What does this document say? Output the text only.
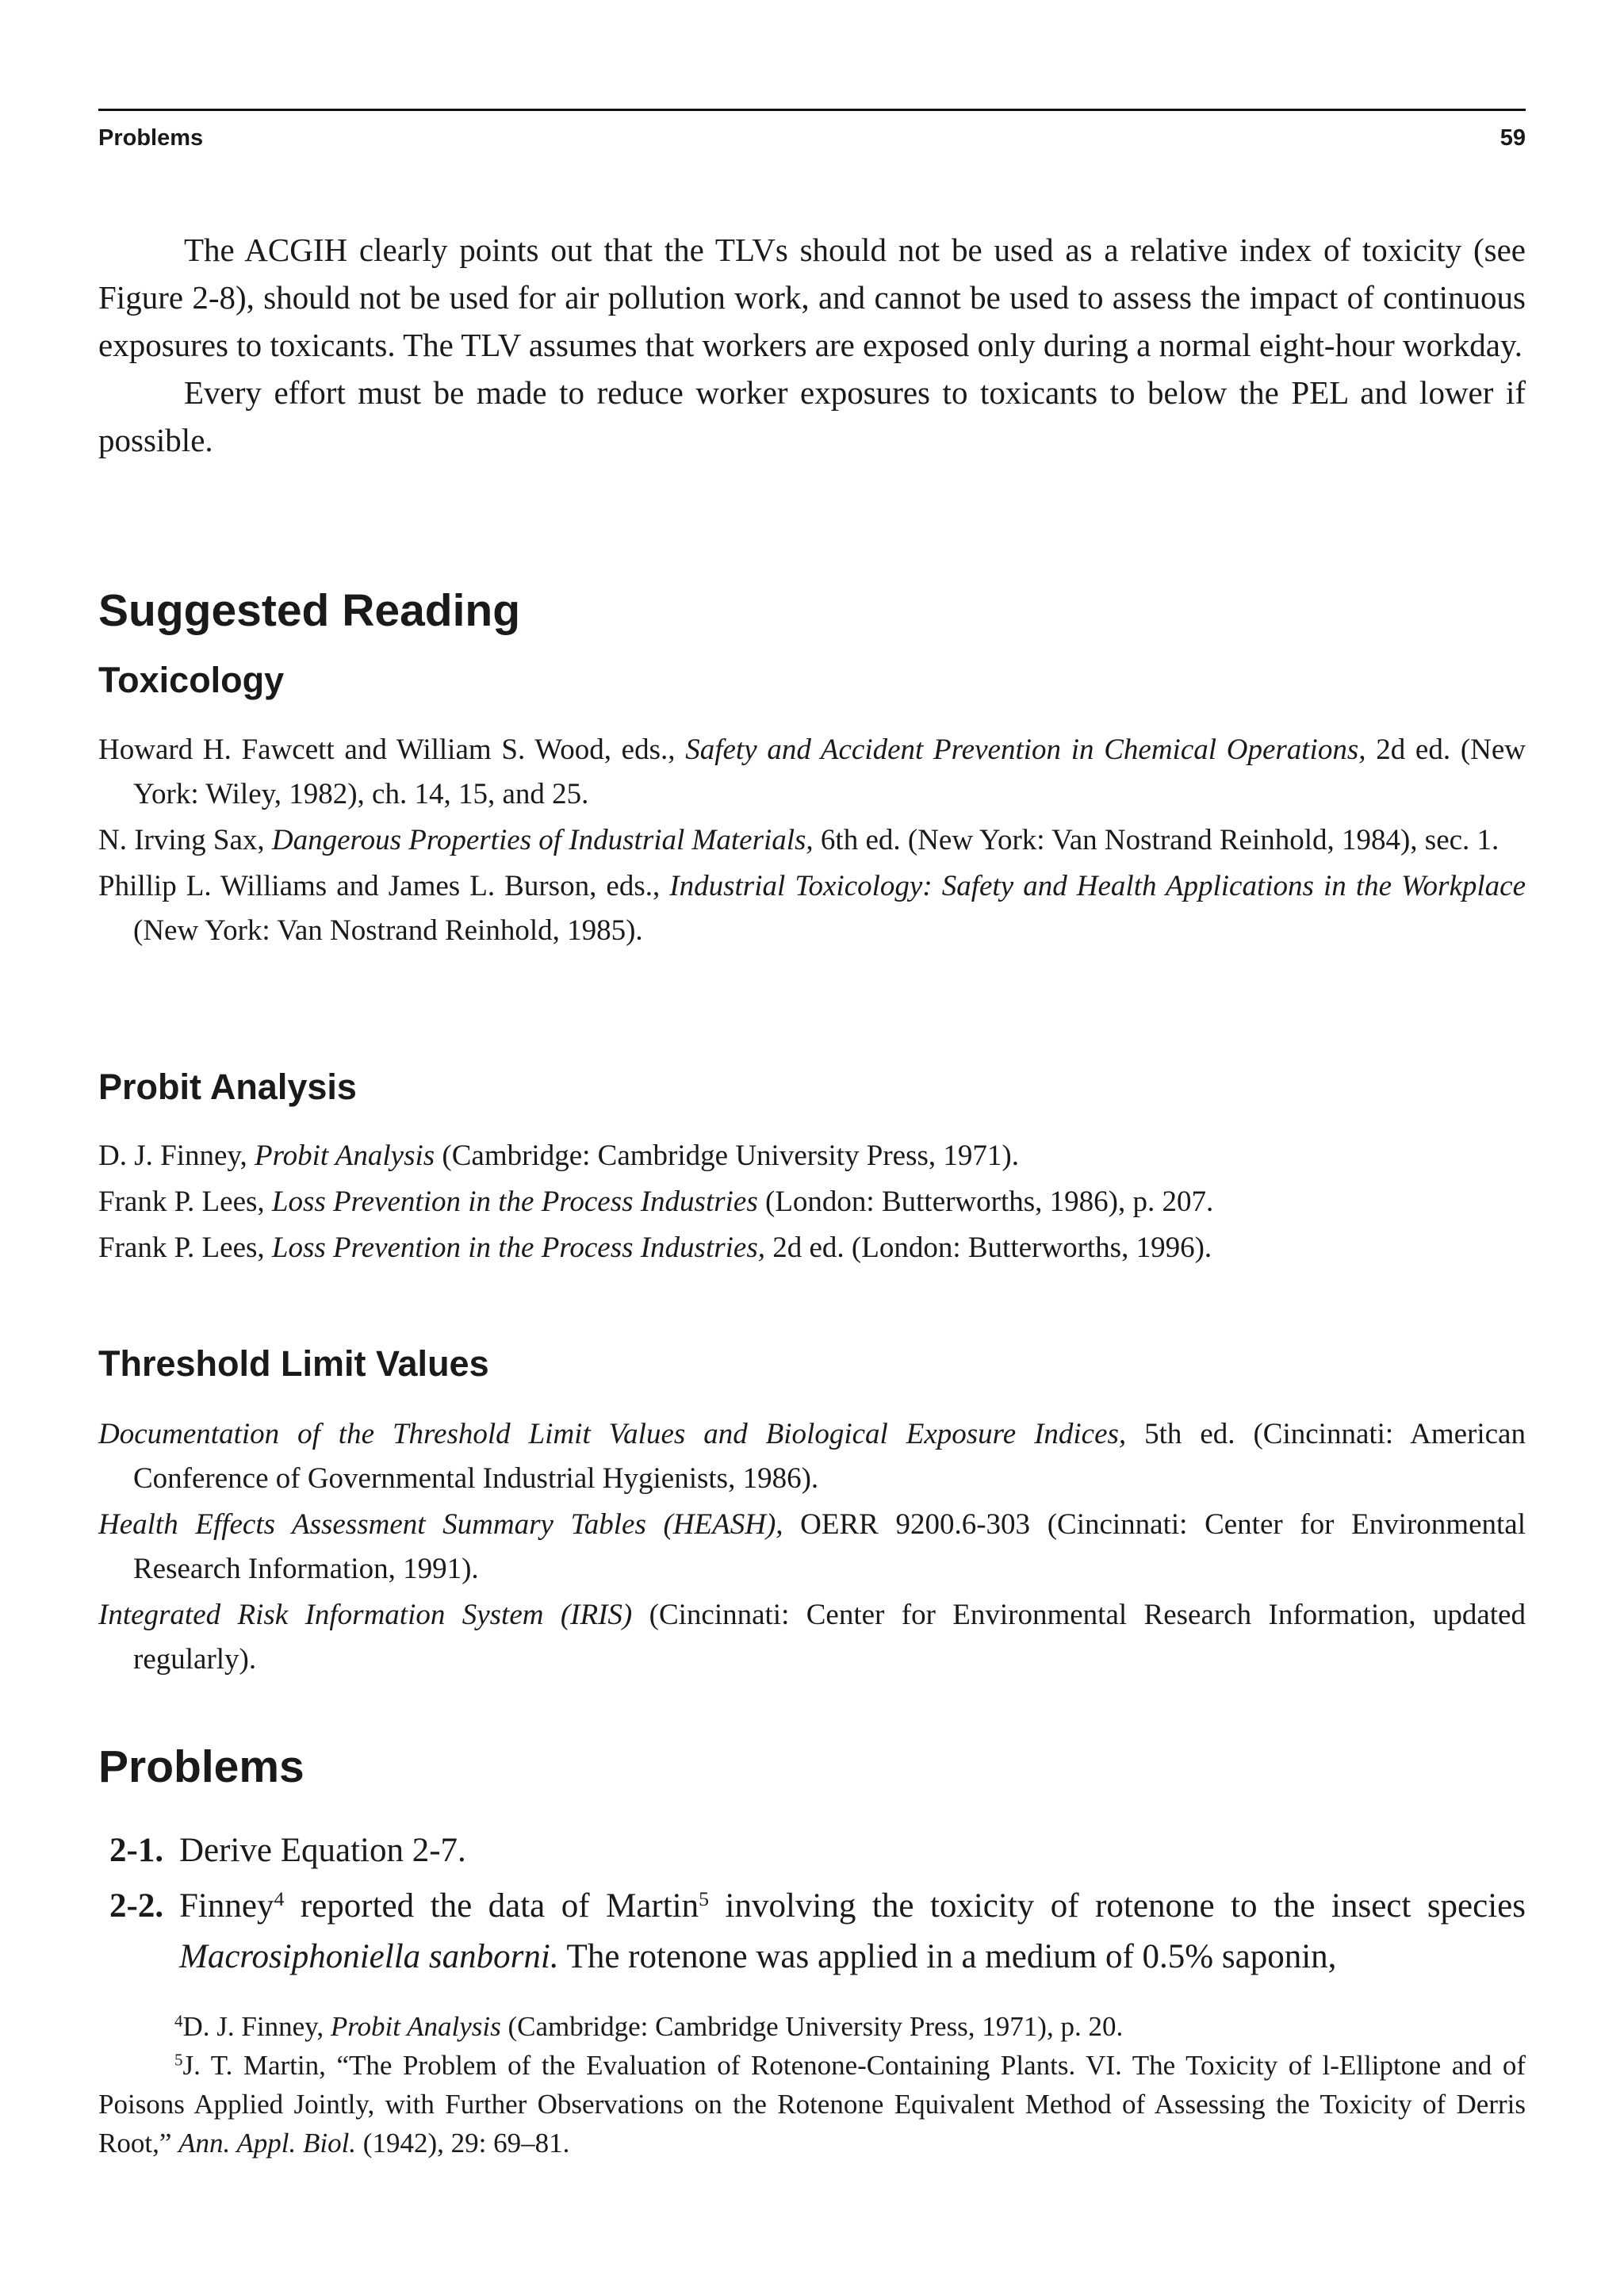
Problems	59

The ACGIH clearly points out that the TLVs should not be used as a relative index of toxicity (see Figure 2-8), should not be used for air pollution work, and cannot be used to assess the impact of continuous exposures to toxicants. The TLV assumes that workers are exposed only during a normal eight-hour workday.

Every effort must be made to reduce worker exposures to toxicants to below the PEL and lower if possible.

Suggested Reading
Toxicology

Howard H. Fawcett and William S. Wood, eds., Safety and Accident Prevention in Chemical Operations, 2d ed. (New York: Wiley, 1982), ch. 14, 15, and 25.

N. Irving Sax, Dangerous Properties of Industrial Materials, 6th ed. (New York: Van Nostrand Reinhold, 1984), sec. 1.

Phillip L. Williams and James L. Burson, eds., Industrial Toxicology: Safety and Health Applications in the Workplace (New York: Van Nostrand Reinhold, 1985).

Probit Analysis

D. J. Finney, Probit Analysis (Cambridge: Cambridge University Press, 1971).

Frank P. Lees, Loss Prevention in the Process Industries (London: Butterworths, 1986), p. 207.

Frank P. Lees, Loss Prevention in the Process Industries, 2d ed. (London: Butterworths, 1996).

Threshold Limit Values

Documentation of the Threshold Limit Values and Biological Exposure Indices, 5th ed. (Cincinnati: American Conference of Governmental Industrial Hygienists, 1986).

Health Effects Assessment Summary Tables (HEASH), OERR 9200.6-303 (Cincinnati: Center for Environmental Research Information, 1991).

Integrated Risk Information System (IRIS) (Cincinnati: Center for Environmental Research Information, updated regularly).

Problems
2-1. Derive Equation 2-7.
2-2. Finney$^4$ reported the data of Martin$^5$ involving the toxicity of rotenone to the insect species Macrosiphoniella sanborni. The rotenone was applied in a medium of 0.5% saponin,

$^4$D. J. Finney, Probit Analysis (Cambridge: Cambridge University Press, 1971), p. 20.

$^5$J. T. Martin, “The Problem of the Evaluation of Rotenone-Containing Plants. VI. The Toxicity of l-Elliptone and of Poisons Applied Jointly, with Further Observations on the Rotenone Equivalent Method of Assessing the Toxicity of Derris Root,” Ann. Appl. Biol. (1942), 29: 69–81.
